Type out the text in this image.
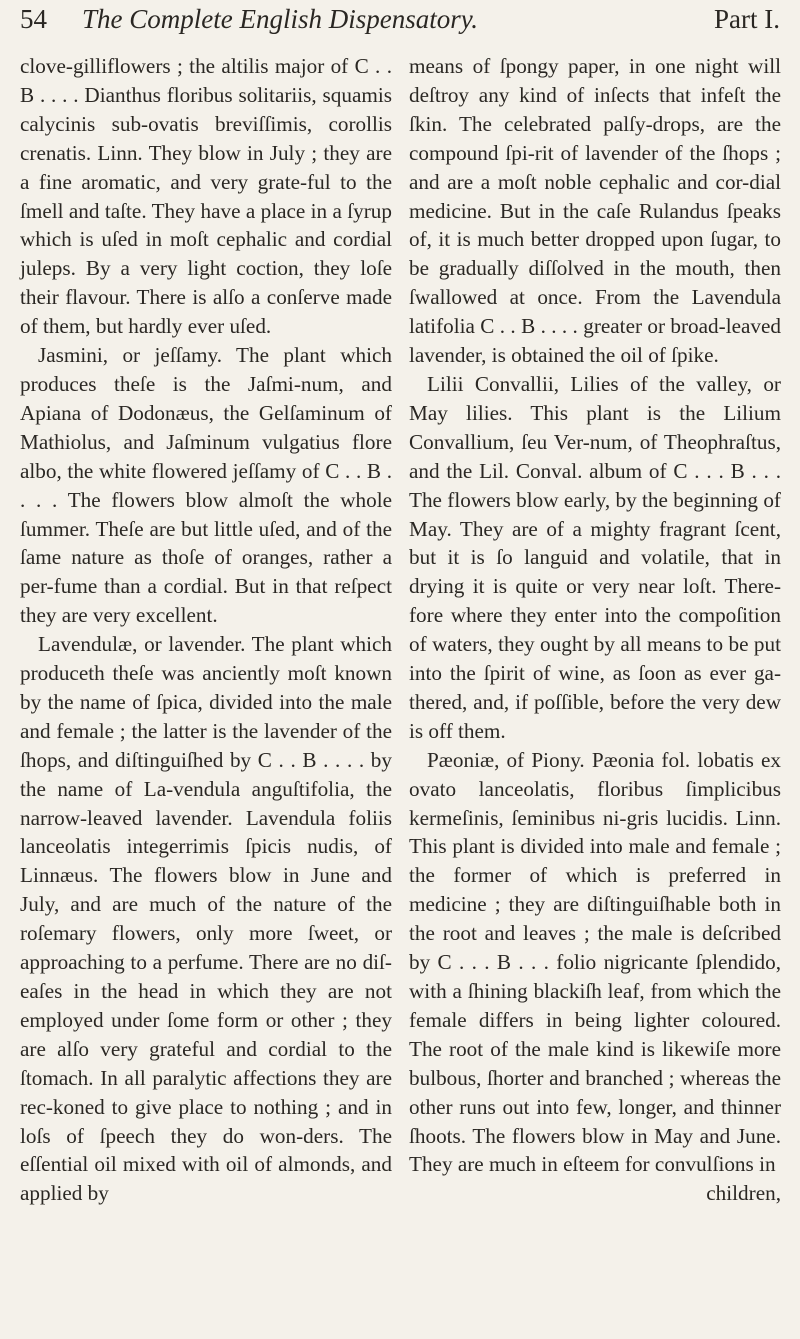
54 The Complete English Dispensatory.	Part I.

clove-gilliflowers ; the altilis major of C . . B . . . . Dianthus floribus solitariis, squamis calycinis sub-ovatis breviſſimis, corollis crenatis. Linn. They blow in July ; they are a fine aromatic, and very grate-ful to the ſmell and taſte. They have a place in a ſyrup which is uſed in moſt cephalic and cordial juleps. By a very light coction, they loſe their flavour. There is alſo a conſerve made of them, but hardly ever uſed.

Jasmini, or jeſſamy. The plant which produces theſe is the Jaſmi-num, and Apiana of Dodonæus, the Gelſaminum of Mathiolus, and Jaſminum vulgatius flore albo, the white flowered jeſſamy of C . . B . . . . The flowers blow almoſt the whole ſummer. Theſe are but little uſed, and of the ſame nature as thoſe of oranges, rather a per-fume than a cordial. But in that reſpect they are very excellent.

Lavendulæ, or lavender. The plant which produceth theſe was anciently moſt known by the name of ſpica, divided into the male and female ; the latter is the lavender of the ſhops, and diſtinguiſhed by C . . B . . . . by the name of La-vendula anguſtifolia, the narrow-leaved lavender. Lavendula foliis lanceolatis integerrimis ſpicis nudis, of Linnæus. The flowers blow in June and July, and are much of the nature of the roſemary flowers, only more ſweet, or approaching to a perfume. There are no diſ-eaſes in the head in which they are not employed under ſome form or other ; they are alſo very grateful and cordial to the ſtomach. In all paralytic affections they are rec-koned to give place to nothing ; and in loſs of ſpeech they do won-ders. The eſſential oil mixed with oil of almonds, and applied by

means of ſpongy paper, in one night will deſtroy any kind of inſects that infeſt the ſkin. The celebrated palſy-drops, are the compound ſpi-rit of lavender of the ſhops ; and are a moſt noble cephalic and cor-dial medicine. But in the caſe Rulandus ſpeaks of, it is much better dropped upon ſugar, to be gradually diſſolved in the mouth, then ſwallowed at once. From the Lavendula latifolia C . . B . . . . greater or broad-leaved lavender, is obtained the oil of ſpike.

Lilii Convallii, Lilies of the valley, or May lilies. This plant is the Lilium Convallium, ſeu Ver-num, of Theophraſtus, and the Lil. Conval. album of C . . . B . . . The flowers blow early, by the beginning of May. They are of a mighty fragrant ſcent, but it is ſo languid and volatile, that in drying it is quite or very near loſt. There-fore where they enter into the compoſition of waters, they ought by all means to be put into the ſpirit of wine, as ſoon as ever ga-thered, and, if poſſible, before the very dew is off them.

Pæoniæ, of Piony. Pæonia fol. lobatis ex ovato lanceolatis, floribus ſimplicibus kermeſinis, ſeminibus ni-gris lucidis. Linn. This plant is divided into male and female ; the former of which is preferred in medicine ; they are diſtinguiſhable both in the root and leaves ; the male is deſcribed by C . . . B . . . folio nigricante ſplendido, with a ſhining blackiſh leaf, from which the female differs in being lighter coloured. The root of the male kind is likewiſe more bulbous, ſhorter and branched ; whereas the other runs out into few, longer, and thinner ſhoots. The flowers blow in May and June. They are much in eſteem for convulſions in

children,
